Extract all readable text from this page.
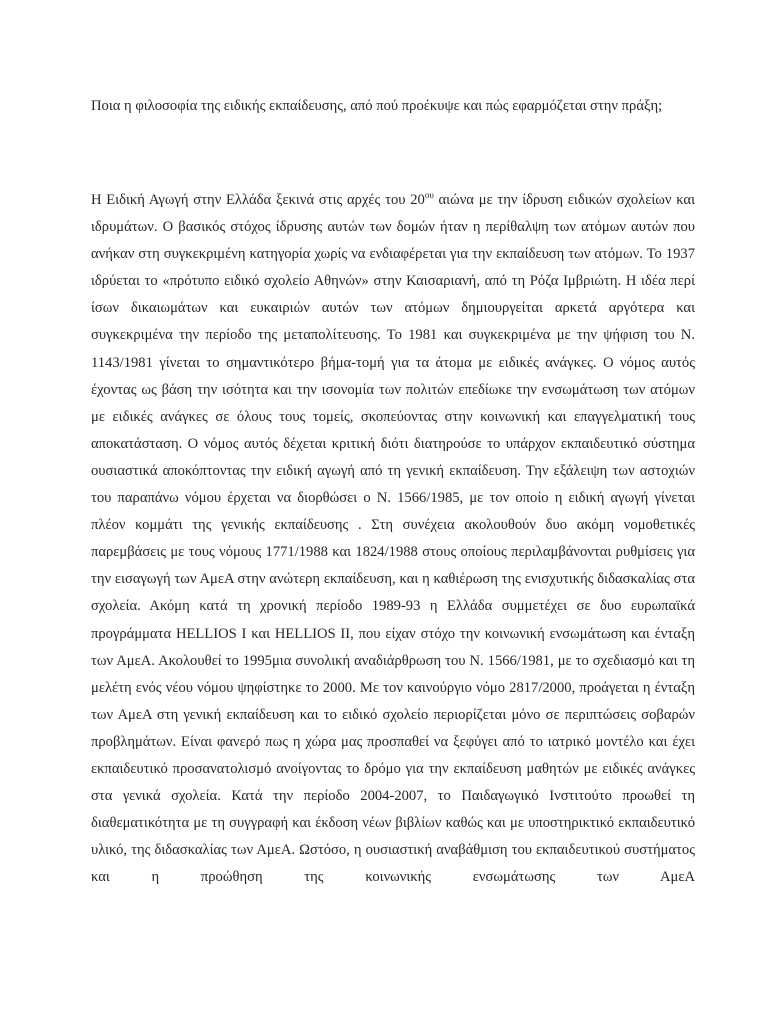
Ποια η φιλοσοφία της ειδικής εκπαίδευσης, από πού προέκυψε και πώς εφαρμόζεται στην πράξη;

Η Ειδική Αγωγή στην Ελλάδα ξεκινά στις αρχές του $20^{o\upsilon}$ αιώνα με την ίδρυση ειδικών σχολείων και ιδρυμάτων. Ο βασικός στόχος ίδρυσης αυτών των δομών ήταν η περίθαλψη των ατόμων αυτών που ανήκαν στη συγκεκριμένη κατηγορία χωρίς να ενδιαφέρεται για την εκπαίδευση των ατόμων. Το 1937 ιδρύεται το «πρότυπο ειδικό σχολείο Αθηνών» στην Καισαριανή, από τη Ρόζα Ιμβριώτη. Η ιδέα περί ίσων δικαιωμάτων και ευκαιριών αυτών των ατόμων δημιουργείται αρκετά αργότερα και συγκεκριμένα την περίοδο της μεταπολίτευσης. Το 1981 και συγκεκριμένα με την ψήφιση του Ν. 1143/1981 γίνεται το σημαντικότερο βήμα-τομή για τα άτομα με ειδικές ανάγκες. Ο νόμος αυτός έχοντας ως βάση την ισότητα και την ισονομία των πολιτών επεδίωκε την ενσωμάτωση των ατόμων με ειδικές ανάγκες σε όλους τους τομείς, σκοπεύοντας στην κοινωνική και επαγγελματική τους αποκατάσταση. Ο νόμος αυτός δέχεται κριτική διότι διατηρούσε το υπάρχον εκπαιδευτικό σύστημα ουσιαστικά αποκόπτοντας την ειδική αγωγή από τη γενική εκπαίδευση. Την εξάλειψη των αστοχιών του παραπάνω νόμου έρχεται να διορθώσει ο Ν. 1566/1985, με τον οποίο η ειδική αγωγή γίνεται πλέον κομμάτι της γενικής εκπαίδευσης . Στη συνέχεια ακολουθούν δυο ακόμη νομοθετικές παρεμβάσεις με τους νόμους 1771/1988 και 1824/1988 στους οποίους περιλαμβάνονται ρυθμίσεις για την εισαγωγή των ΑμεΑ στην ανώτερη εκπαίδευση, και η καθιέρωση της ενισχυτικής διδασκαλίας στα σχολεία. Ακόμη κατά τη χρονική περίοδο 1989-93 η Ελλάδα συμμετέχει σε δυο ευρωπαϊκά προγράμματα HELLIOS I και HELLIOS II, που είχαν στόχο την κοινωνική ενσωμάτωση και ένταξη των ΑμεΑ. Ακολουθεί το 1995μια συνολική αναδιάρθρωση του Ν. 1566/1981, με το σχεδιασμό και τη μελέτη ενός νέου νόμου ψηφίστηκε το 2000. Με τον καινούργιο νόμο 2817/2000, προάγεται η ένταξη των ΑμεΑ στη γενική εκπαίδευση και το ειδικό σχολείο περιορίζεται μόνο σε περιπτώσεις σοβαρών προβλημάτων. Είναι φανερό πως η χώρα μας προσπαθεί να ξεφύγει από το ιατρικό μοντέλο και έχει εκπαιδευτικό προσανατολισμό ανοίγοντας το δρόμο για την εκπαίδευση μαθητών με ειδικές ανάγκες στα γενικά σχολεία. Κατά την περίοδο 2004-2007, το Παιδαγωγικό Ινστιτούτο προωθεί τη διαθεματικότητα με τη συγγραφή και έκδοση νέων βιβλίων καθώς και με υποστηρικτικό εκπαιδευτικό υλικό, της διδασκαλίας των ΑμεΑ. Ωστόσο, η ουσιαστική αναβάθμιση του εκπαιδευτικού συστήματος και η προώθηση της κοινωνικής ενσωμάτωσης των ΑμεΑ
